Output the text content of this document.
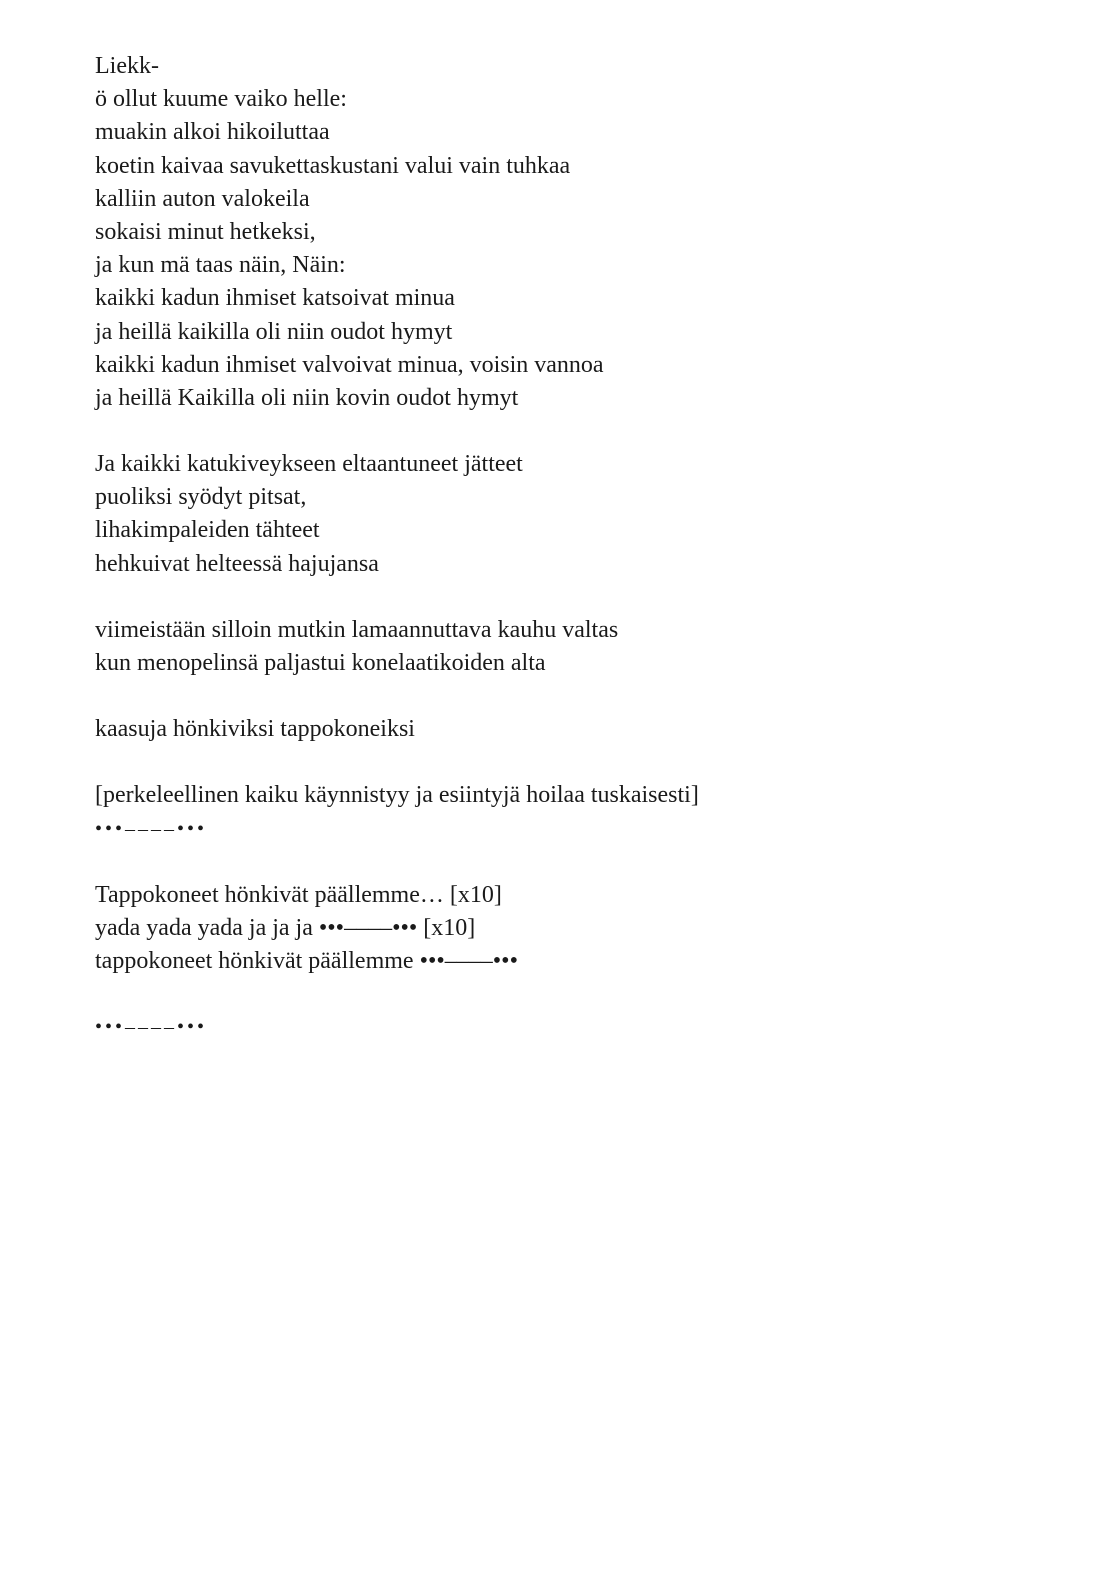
Liekk-
ö ollut kuume vaiko helle:
muakin alkoi hikoiluttaa
koetin kaivaa savukettaskustani valui vain tuhkaa
kalliin auton valokeila
sokaisi minut hetkeksi,
ja kun mä taas näin, Näin:
kaikki kadun ihmiset katsoivat minua
ja heillä kaikilla oli niin oudot hymyt
kaikki kadun ihmiset valvoivat minua, voisin vannoa
ja heillä Kaikilla oli niin kovin oudot hymyt
Ja kaikki katukiveykseen eltaantuneet jätteet
puoliksi syödyt pitsat,
lihakimpaleiden tähteet
hehkuivat helteessä hajujansa
viimeistään silloin mutkin lamaannuttava kauhu valtas
kun menopelinsä paljastui konelaatikoiden alta
kaasuja hönkiviksi tappokoneiksi
[perkeleellinen kaiku käynnistyy ja esiintyjä hoilaa tuskaisesti]
•••––––•••
Tappokoneet hönkivät päällemme… [x10]
yada yada yada ja ja ja •••––––••• [x10]
tappokoneet hönkivät päällemme •••––––•••
•••––––•••
